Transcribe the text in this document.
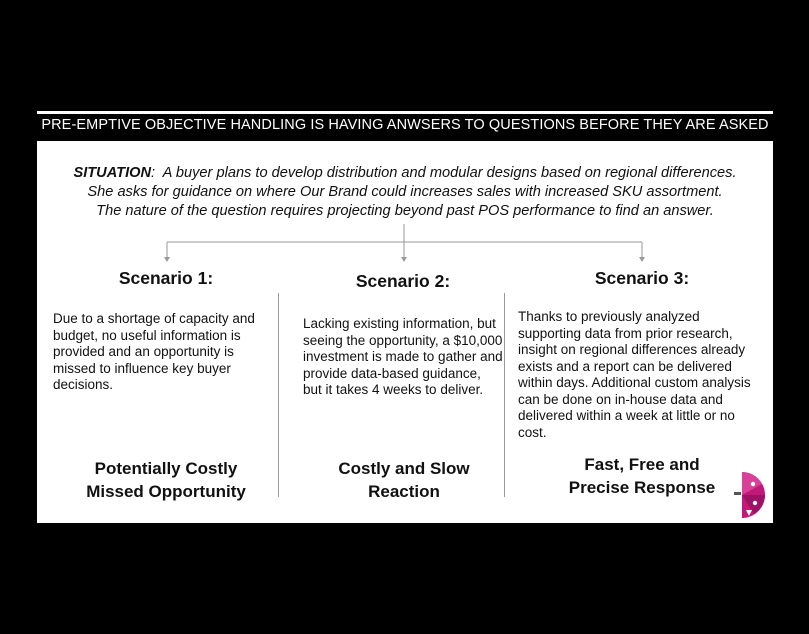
PRE-EMPTIVE OBJECTIVE HANDLING IS HAVING ANWSERS TO QUESTIONS BEFORE THEY ARE ASKED
SITUATION:  A buyer plans to develop distribution and modular designs based on regional differences.
She asks for guidance on where Our Brand could increases sales with increased SKU assortment.
The nature of the question requires projecting beyond past POS performance to find an answer.
Scenario 1:
Due to a shortage of capacity and budget, no useful information is provided and an opportunity is missed to influence key buyer decisions.
Potentially Costly
Missed Opportunity
Scenario 2:
Lacking existing information, but seeing the opportunity, a $10,000 investment is made to gather and provide data-based guidance, but it takes 4 weeks to deliver.
Costly and Slow
Reaction
Scenario 3:
Thanks to previously analyzed supporting data from prior research, insight on regional differences already exists and a report can be delivered within days. Additional custom analysis can be done on in-house data and delivered within a week at little or no cost.
Fast, Free and
Precise Response
